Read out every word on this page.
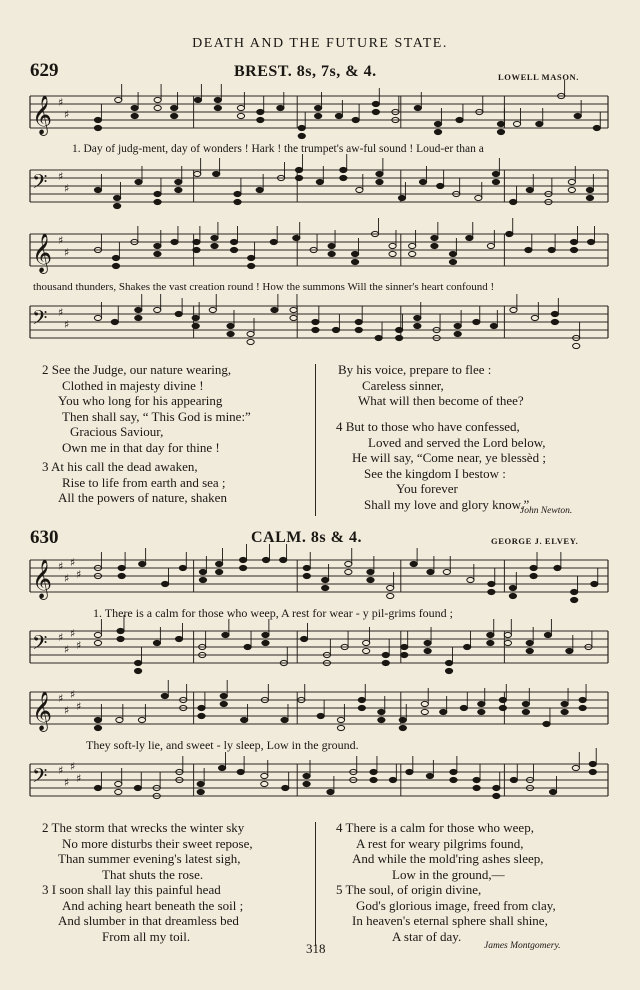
DEATH AND THE FUTURE STATE.
629	BREST. 8s, 7s, & 4.	LOWELL MASON.
𝄞 ♯
♯
1. Day of judg-ment, day of wonders ! Hark ! the trumpet's aw-ful sound ! Loud-er than a
𝄢 ♯
♯
𝄞 ♯
♯
thousand thunders, Shakes the vast creation round ! How the summons Will the sinner's heart confound !
𝄢 ♯
♯
2 See the Judge, our nature wearing,
Clothed in majesty divine !
You who long for his appearing
Then shall say, “ This God is mine:”
Gracious Saviour,
Own me in that day for thine !
3 At his call the dead awaken,
Rise to life from earth and sea ;
All the powers of nature, shaken
By his voice, prepare to flee :
Careless sinner,
What will then become of thee?
4 But to those who have confessed,
Loved and served the Lord below,
He will say, “Come near, ye blessèd ;
See the kingdom I bestow :
You forever
Shall my love and glory know.”
John Newton.
630	CALM. 8s & 4.	GEORGE J. ELVEY.
𝄞 ♯
♯
♯
♯
1. There is a calm for those who weep, A rest for wear - y pil-grims found ;
𝄢 ♯
♯
♯
♯
𝄞 ♯
♯
♯
♯
They soft-ly lie, and sweet - ly sleep, Low in the ground.
𝄢 ♯
♯
♯
♯
2 The storm that wrecks the winter sky
No more disturbs their sweet repose,
Than summer evening's latest sigh,
That shuts the rose.
3 I soon shall lay this painful head
And aching heart beneath the soil ;
And slumber in that dreamless bed
From all my toil.
4 There is a calm for those who weep,
A rest for weary pilgrims found,
And while the mold'ring ashes sleep,
Low in the ground,—
5 The soul, of origin divine,
God's glorious image, freed from clay,
In heaven's eternal sphere shall shine,
A star of day.
James Montgomery.
318
